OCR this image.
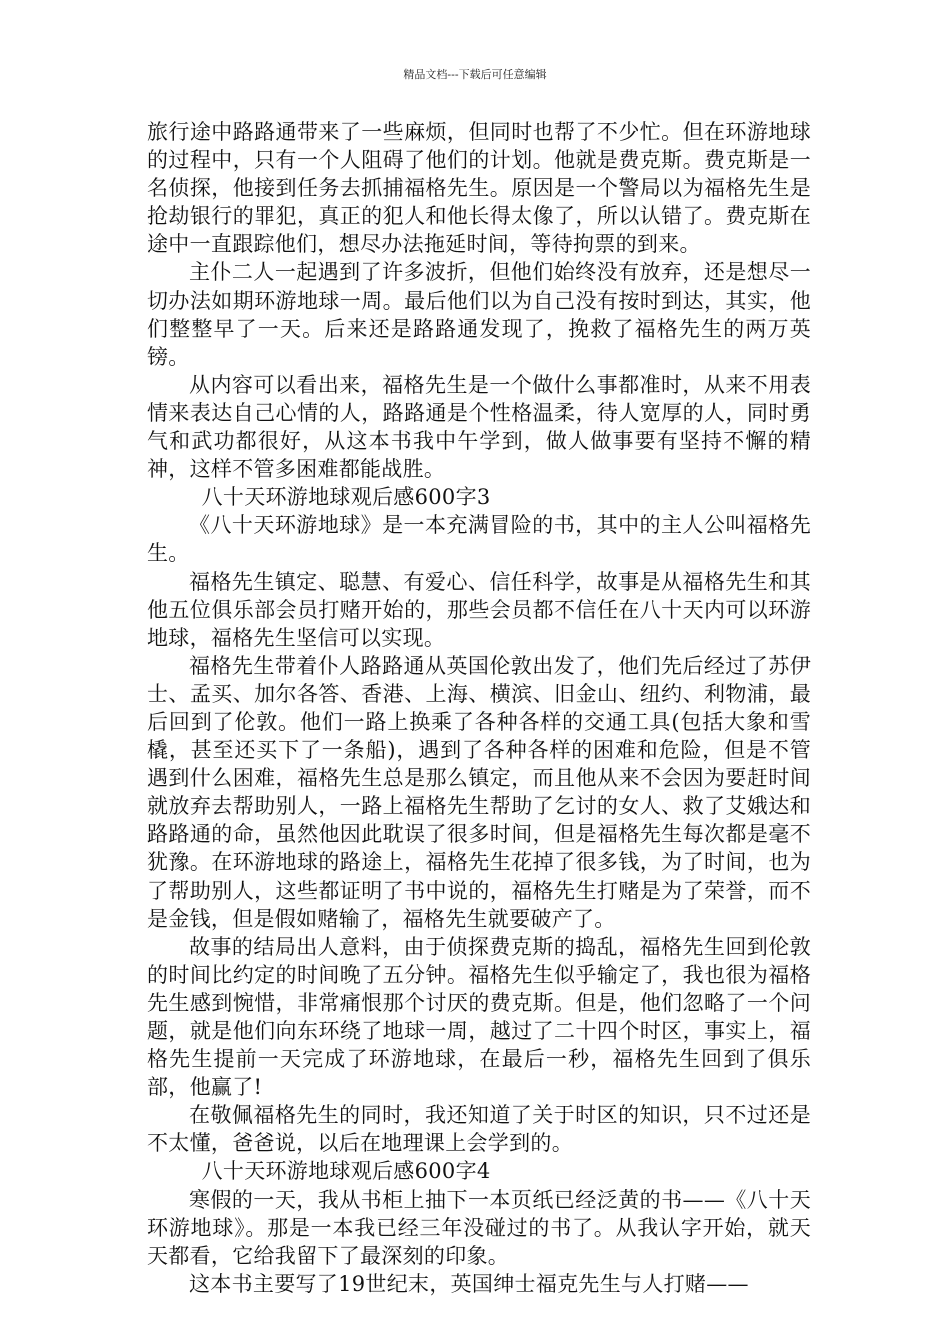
精品文档---下载后可任意编辑

旅行途中路路通带来了一些麻烦，但同时也帮了不少忙。但在环游地球的过程中，只有一个人阻碍了他们的计划。他就是费克斯。费克斯是一名侦探，他接到任务去抓捕福格先生。原因是一个警局以为福格先生是抢劫银行的罪犯，真正的犯人和他长得太像了，所以认错了。费克斯在途中一直跟踪他们，想尽办法拖延时间，等待拘票的到来。

主仆二人一起遇到了许多波折，但他们始终没有放弃，还是想尽一切办法如期环游地球一周。最后他们以为自己没有按时到达，其实，他们整整早了一天。后来还是路路通发现了，挽救了福格先生的两万英镑。

从内容可以看出来，福格先生是一个做什么事都准时，从来不用表情来表达自己心情的人，路路通是个性格温柔，待人宽厚的人，同时勇气和武功都很好，从这本书我中午学到，做人做事要有坚持不懈的精神，这样不管多困难都能战胜。

八十天环游地球观后感600字3

《八十天环游地球》是一本充满冒险的书，其中的主人公叫福格先生。

福格先生镇定、聪慧、有爱心、信任科学，故事是从福格先生和其他五位俱乐部会员打赌开始的，那些会员都不信任在八十天内可以环游地球，福格先生坚信可以实现。

福格先生带着仆人路路通从英国伦敦出发了，他们先后经过了苏伊士、孟买、加尔各答、香港、上海、横滨、旧金山、纽约、利物浦，最后回到了伦敦。他们一路上换乘了各种各样的交通工具(包括大象和雪橇，甚至还买下了一条船)，遇到了各种各样的困难和危险，但是不管遇到什么困难，福格先生总是那么镇定，而且他从来不会因为要赶时间就放弃去帮助别人，一路上福格先生帮助了乞讨的女人、救了艾娥达和路路通的命，虽然他因此耽误了很多时间，但是福格先生每次都是毫不犹豫。在环游地球的路途上，福格先生花掉了很多钱，为了时间，也为了帮助别人，这些都证明了书中说的，福格先生打赌是为了荣誉，而不是金钱，但是假如赌输了，福格先生就要破产了。

故事的结局出人意料，由于侦探费克斯的捣乱，福格先生回到伦敦的时间比约定的时间晚了五分钟。福格先生似乎输定了，我也很为福格先生感到惋惜，非常痛恨那个讨厌的费克斯。但是，他们忽略了一个问题，就是他们向东环绕了地球一周，越过了二十四个时区，事实上，福格先生提前一天完成了环游地球，在最后一秒，福格先生回到了俱乐部，他赢了!

在敬佩福格先生的同时，我还知道了关于时区的知识，只不过还是不太懂，爸爸说，以后在地理课上会学到的。

八十天环游地球观后感600字4

寒假的一天，我从书柜上抽下一本页纸已经泛黄的书——《八十天环游地球》。那是一本我已经三年没碰过的书了。从我认字开始，就天天都看，它给我留下了最深刻的印象。

这本书主要写了19世纪末，英国绅士福克先生与人打赌——
